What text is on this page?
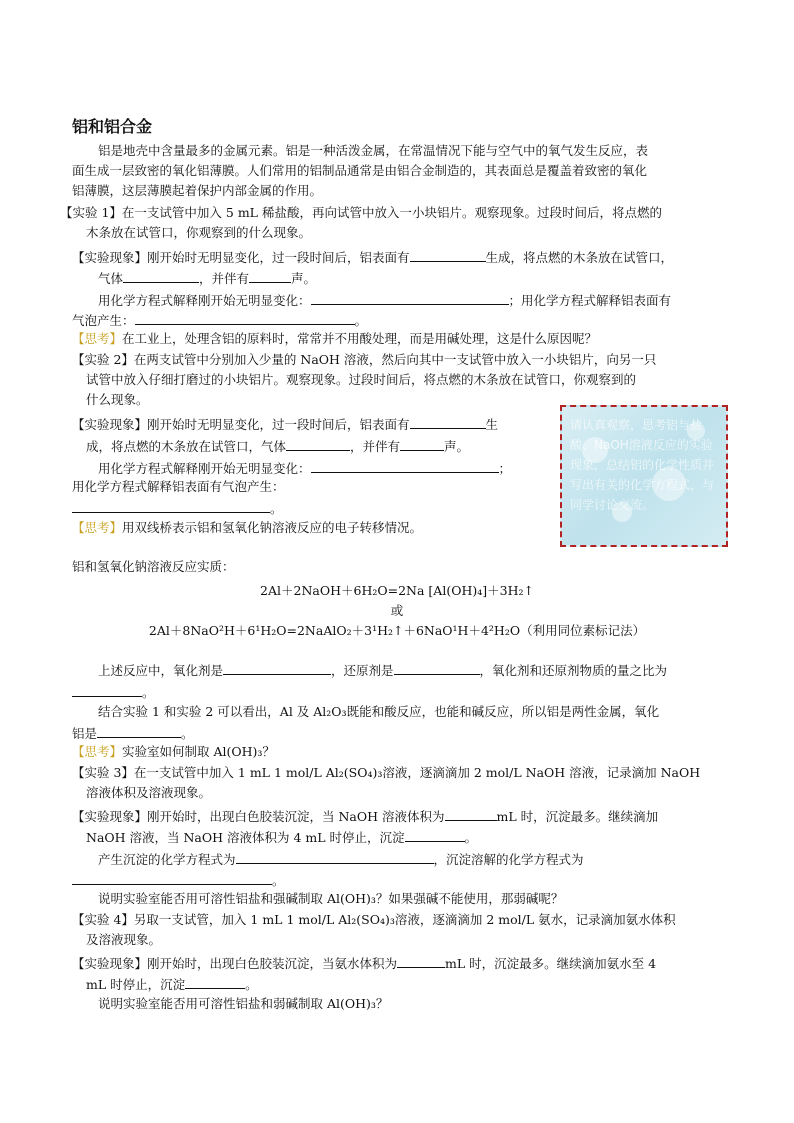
铝和铝合金
铝是地壳中含量最多的金属元素。铝是一种活泼金属，在常温情况下能与空气中的氧气发生反应，表
面生成一层致密的氧化铝薄膜。人们常用的铝制品通常是由铝合金制造的，其表面总是覆盖着致密的氧化
铝薄膜，这层薄膜起着保护内部金属的作用。
【实验 1】在一支试管中加入 5 mL 稀盐酸，再向试管中放入一小块铝片。观察现象。过段时间后，将点燃的
木条放在试管口，你观察到的什么现象。
【实验现象】刚开始时无明显变化，过一段时间后，铝表面有	生成，将点燃的木条放在试管口，
气体	，并伴有	声。
用化学方程式解释刚开始无明显变化：	；用化学方程式解释铝表面有
气泡产生：	。
【思考】在工业上，处理含铝的原料时，常常并不用酸处理，而是用碱处理，这是什么原因呢？
【实验 2】在两支试管中分别加入少量的 NaOH 溶液，然后向其中一支试管中放入一小块铝片，向另一只
试管中放入仔细打磨过的小块铝片。观察现象。过段时间后，将点燃的木条放在试管口，你观察到的
什么现象。
【实验现象】刚开始时无明显变化，过一段时间后，铝表面有	生
成，将点燃的木条放在试管口，气体	，并伴有	声。
用化学方程式解释刚开始无明显变化：	；
用化学方程式解释铝表面有气泡产生：
。
【思考】用双线桥表示铝和氢氧化钠溶液反应的电子转移情况。
请认真观察，思考铝与盐酸、NaOH溶液反应的实验现象，总结铝的化学性质并写出有关的化学方程式，与同学讨论交流。
铝和氢氧化钠溶液反应实质：
2Al＋2NaOH＋6H₂O=2Na [Al(OH)₄]＋3H₂↑
或
2Al＋8NaO²H＋6¹H₂O=2NaAlO₂＋3¹H₂↑＋6NaO¹H＋4²H₂O（利用同位素标记法）
上述反应中，氧化剂是	，还原剂是	，氧化剂和还原剂物质的量之比为
。
结合实验 1 和实验 2 可以看出，Al 及 Al₂O₃既能和酸反应，也能和碱反应，所以铝是两性金属，氧化
铝是	。
【思考】实验室如何制取 Al(OH)₃？
【实验 3】在一支试管中加入 1 mL 1 mol/L Al₂(SO₄)₃溶液，逐滴滴加 2 mol/L NaOH 溶液，记录滴加 NaOH
溶液体积及溶液现象。
【实验现象】刚开始时，出现白色胶装沉淀，当 NaOH 溶液体积为	mL 时，沉淀最多。继续滴加
NaOH 溶液，当 NaOH 溶液体积为 4 mL 时停止，沉淀	。
产生沉淀的化学方程式为	，沉淀溶解的化学方程式为
。
说明实验室能否用可溶性铝盐和强碱制取 Al(OH)₃？如果强碱不能使用，那弱碱呢？
【实验 4】另取一支试管，加入 1 mL 1 mol/L Al₂(SO₄)₃溶液，逐滴滴加 2 mol/L 氨水，记录滴加氨水体积
及溶液现象。
【实验现象】刚开始时，出现白色胶装沉淀，当氨水体积为	mL 时，沉淀最多。继续滴加氨水至 4
mL 时停止，沉淀	。
说明实验室能否用可溶性铝盐和弱碱制取 Al(OH)₃？
